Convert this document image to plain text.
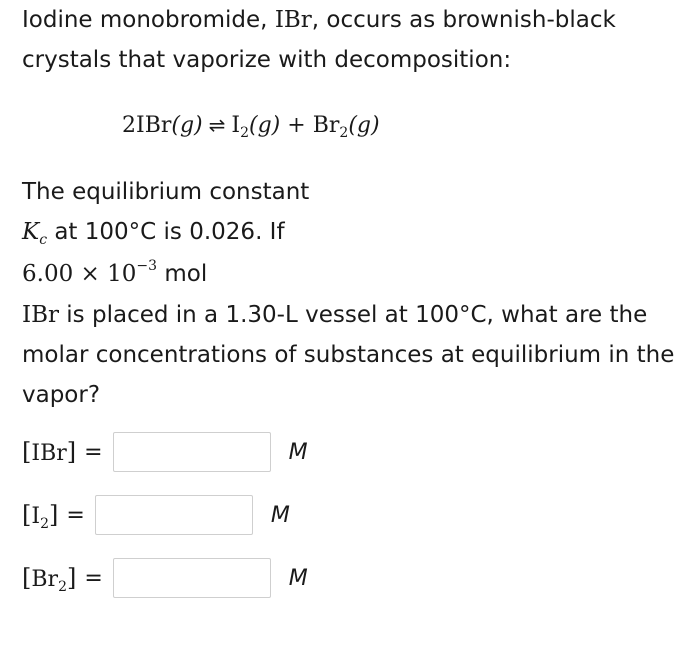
Iodine monobromide, IBr, occurs as brownish-black crystals that vaporize with decomposition:

2IBr(g) ⇌ $I_2(g) + Br_2(g)$
The equilibrium constant
$K_c$ at 100°C is 0.026. If
$6.00 \times 10^{-3}$ mol

IBr is placed in a 1.30-L vessel at 100°C, what are the molar concentrations of substances at equilibrium in the vapor?

[IBr] =	M
$[I_2]$ =	M
$[Br_2]$ =	M
